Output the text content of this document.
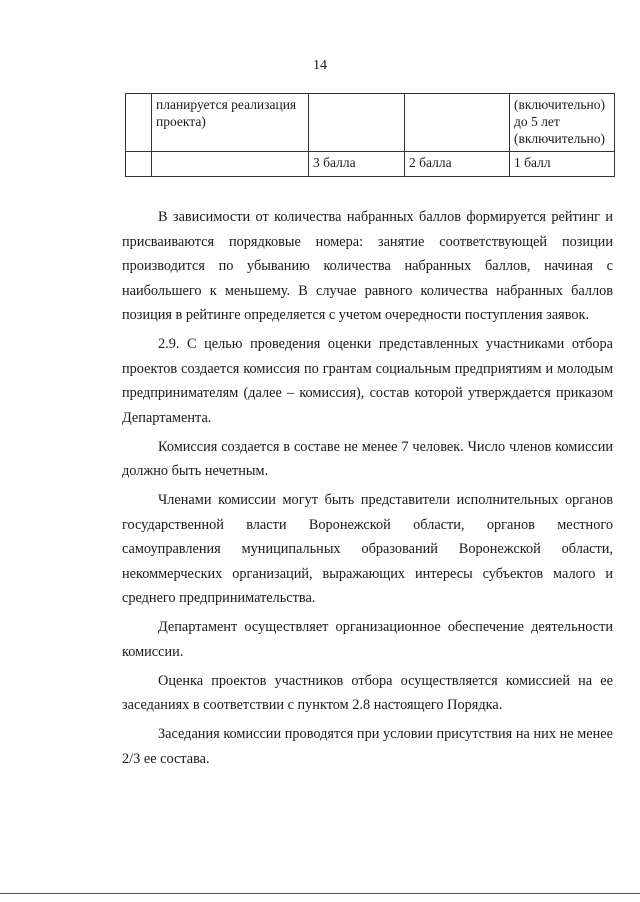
14
	планируется реализация проекта)			(включительно)
до 5 лет
(включительно)

		3 балла	2 балла	1 балл

В зависимости от количества набранных баллов формируется рейтинг и присваиваются порядковые номера: занятие соответствующей позиции производится по убыванию количества набранных баллов, начиная с наибольшего к меньшему. В случае равного количества набранных баллов позиция в рейтинге определяется с учетом очередности поступления заявок.

2.9. С целью проведения оценки представленных участниками отбора проектов создается комиссия по грантам социальным предприятиям и молодым предпринимателям (далее – комиссия), состав которой утверждается приказом Департамента.

Комиссия создается в составе не менее 7 человек. Число членов комиссии должно быть нечетным.

Членами комиссии могут быть представители исполнительных органов государственной власти Воронежской области, органов местного самоуправления муниципальных образований Воронежской области, некоммерческих организаций, выражающих интересы субъектов малого и среднего предпринимательства.

Департамент осуществляет организационное обеспечение деятельности комиссии.

Оценка проектов участников отбора осуществляется комиссией на ее заседаниях в соответствии с пунктом 2.8 настоящего Порядка.

Заседания комиссии проводятся при условии присутствия на них не менее 2/3 ее состава.
